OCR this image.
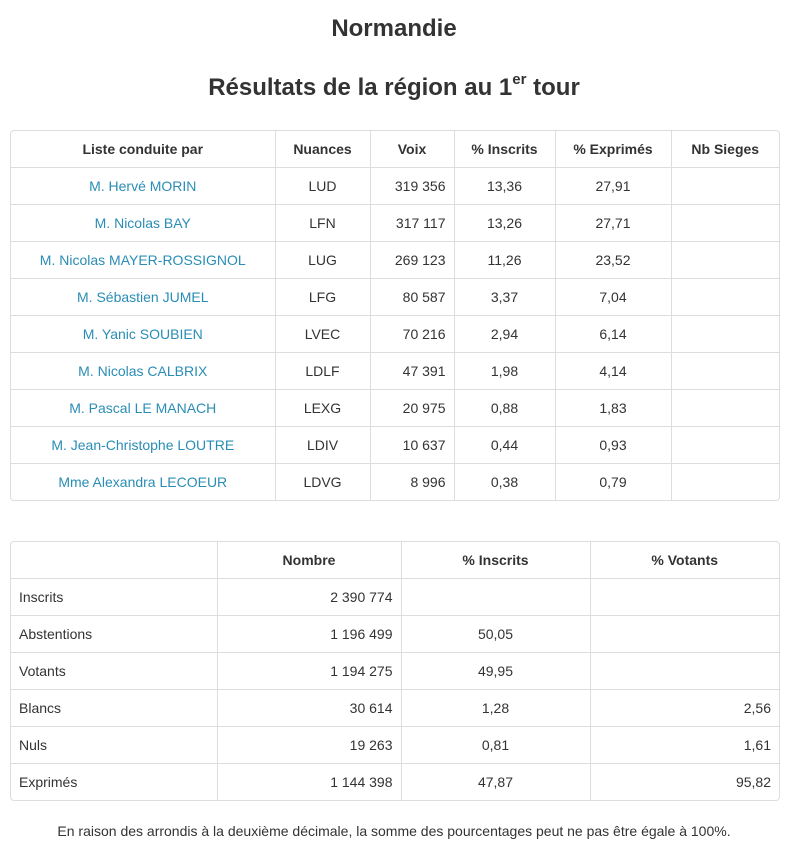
Normandie
Résultats de la région au 1er tour
Liste conduite par	Nuances	Voix	% Inscrits	% Exprimés	Nb Sieges
M. Hervé MORIN	LUD	319 356	13,36	27,91	
M. Nicolas BAY	LFN	317 117	13,26	27,71	
M. Nicolas MAYER-ROSSIGNOL	LUG	269 123	11,26	23,52	
M. Sébastien JUMEL	LFG	80 587	3,37	7,04	
M. Yanic SOUBIEN	LVEC	70 216	2,94	6,14	
M. Nicolas CALBRIX	LDLF	47 391	1,98	4,14	
M. Pascal LE MANACH	LEXG	20 975	0,88	1,83	
M. Jean-Christophe LOUTRE	LDIV	10 637	0,44	0,93	
Mme Alexandra LECOEUR	LDVG	8 996	0,38	0,79	
	Nombre	% Inscrits	% Votants
Inscrits	2 390 774		
Abstentions	1 196 499	50,05	
Votants	1 194 275	49,95	
Blancs	30 614	1,28	2,56
Nuls	19 263	0,81	1,61
Exprimés	1 144 398	47,87	95,82
En raison des arrondis à la deuxième décimale, la somme des pourcentages peut ne pas être égale à 100%.
